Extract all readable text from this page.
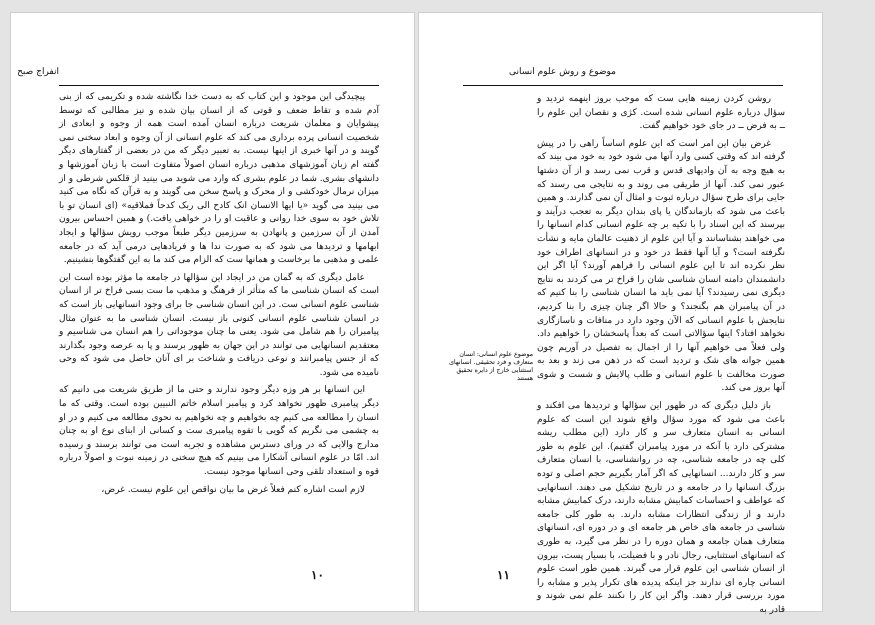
انفراج صبح

پیچیدگی این موجود و این کتاب که به دست خدا نگاشته شده و تکریمی که از بنی آدم شده و تقاط ضعف و قوتی که از انسان بیان شده و نیز مطالبی که توسط پیشوایان و معلمان شریعت درباره انسان آمده است همه از وجوه و ابعادی از شخصیت انسانی پرده برداری می کند که علوم انسانی از آن وجوه و ابعاد سخنی نمی گویند و در آنها خبری از اینها نیست. به تعبیر دیگر که من در بعضی از گفتارهای دیگر گفته ام زبان آموزشهای مذهبی درباره انسان اصولاً متفاوت است با زبان آموزشها و دانشهای بشری. شما در علوم بشری که وارد می شوید می بینید از قلکس شرطی و از میزان نرمال خودکشی و از محرک و پاسخ سخن می گویند و به قرآن که نگاه می کنید می بینید می گوید «یا ایها الانسان انک کادح الی ربک کدحاً فملاقیه» (ای انسان تو با تلاش خود به سوی خدا روانی و عاقبت او را در خواهی یافت.) و همین احساس بیرون آمدن از آن سرزمین و پانهادن به سرزمین دیگر طبعاً موجب رویش سؤالها و ایجاد ابهامها و تردیدها می شود که به صورت ندا ها و فریادهایی درمی آید که در جامعه علمی و مذهبی ما برخاست و همانها ست که الزام می کند ما به این گفتگوها بنشینیم.

عامل دیگری که به گمان من در ایجاد این سؤالها در جامعه ما مؤثر بوده است این است که انسان شناسی ما که متأثر از فرهنگ و مذهب ما ست بسی فراخ تر از انسان شناسی علوم انسانی ست. در این انسان شناسی جا برای وجود انسانهایی باز است که در انسان شناسی علوم انسانی کنونی باز نیست. انسان شناسی ما به عنوان مثال پیامبران را هم شامل می شود. یعنی ما چنان موجوداتی را هم انسان می شناسیم و معتقدیم انسانهایی می توانند در این جهان به ظهور برسند و پا به عرصه وجود بگذارند که از جنس پیامبرانند و نوعی دریافت و شناخت بر ای آنان حاصل می شود که وحی نامیده می شود.

این انسانها بر هر وزه دیگر وجود ندارند و حتی ما از طریق شریعت می دانیم که دیگر پیامبری ظهور نخواهد کرد و پیامبر اسلام خاتم النبیین بوده است. وقتی که ما انسان را مطالعه می کنیم چه بخواهیم و چه نخواهیم به نحوی مطالعه می کنیم و در او به چشمی می نگریم که گویی با تقوه پیامبری ست و کسانی از ابنای نوع او به چنان مدارج والایی که در ورای دسترس مشاهده و تجربه است می توانند برسند و رسیده اند. امّا در علوم انسانی آشکارا می بینیم که هیچ سخنی در زمینه نبوت و اصولاً درباره قوه و استعداد تلقی وحی انسانها موجود نیست.

لازم است اشاره کنم فعلاً غرض ما بیان نواقص این علوم نیست. غرض،

۱۰
موضوع و روش علوم انسانی
موضوع علوم انسانی: انسان متعارف و فرد تحقیقی. انسانهای استثنایی خارج از دایره تحقیق هستند

روشن کردن زمینه هایی ست که موجب بروز اینهمه تردید و سؤال درباره علوم انسانی شده است. کژی و نقصان این علوم را ــ به فرض ــ در جای خود خواهیم گفت.

غرض بیان این امر است که این علوم اساساً راهی را در پیش گرفته اند که وقتی کسی وارد آنها می شود خود به خود می بیند که به هیچ وجه به آن وادیهای قدس و قرب نمی رسد و از آن دشتها عبور نمی کند. آنها از طریقی می روند و به نتایجی می رسند که جایی برای طرح سؤال درباره ثبوت و امثال آن نمی گذارند. و همین باعث می شود که بازماندگان یا پای بندان دیگر به تعجب درآیند و بپرسند که این اسناد را با تکیه بر چه علوم انسانی کدام انسانها را می خواهند بشناسانند و آیا این علوم از ذهنیت عالمان مایه و نشأت نگرفته است؟ و آیا آنها فقط در خود و در انسانهای اطراف خود نظر نکرده اند تا این علوم انسانی را فراهم آورند؟ آیا اگر این دانشمندان دامنه انسان شناسی شان را فراخ تر می کردند به نتایج دیگری نمی رسیدند؟ آیا نمی باید ما انسان شناسی را بنا کنیم که در آن پیامبران هم بگنجند؟ و حالا اگر چنان چیزی را بنا کردیم، نتایجش با علوم انسانی که الآن وجود دارد در منافات و ناسازگاری نخواهد افتاد؟ اینها سؤالاتی است که بعداً پاسخشان را خواهیم داد. ولی فعلاً می خواهیم آنها را از اجمال به تفصیل در آوریم چون همین جوانه های شک و تردید است که در ذهن می زند و بعد به صورت مخالفت با علوم انسانی و طلب پالایش و شست و شوی آنها بروز می کند.

باز دلیل دیگری که در ظهور این سؤالها و تردیدها می افکند و باعث می شود که مورد سؤال واقع شوند این است که علوم انسانی به انسان متعارف سر و کار دارد (این مطلب ریشه مشترکی دارد با آنکه در مورد پیامبران گفتیم). این علوم به طور کلی چه در جامعه شناسی، چه در روانشناسی، با انسان متعارف سر و کار دارند... انسانهایی که اگر آمار بگیریم حجم اصلی و توده بزرگ انسانها را در جامعه و در تاریخ تشکیل می دهند. انسانهایی که عواطف و احساسات کمابیش مشابه دارند، درک کمابیش مشابه دارند و از زندگی انتظارات مشابه دارند. به طور کلی جامعه شناسی در جامعه های خاص هر جامعه ای و در دوره ای، انسانهای متعارف همان جامعه و همان دوره را در نظر می گیرد، به طوری که انسانهای استثنایی، رجال نادر و با فضیلت، با بسیار پست، بیرون از انسان شناسی این علوم قرار می گیرند. همین طور است علوم انسانی چاره ای ندارند جز اینکه پدیده های تکرار پذیر و مشابه را مورد بررسی قرار دهند. واگر این کار را نکنند علم نمی شوند و قادر به

۱۱
